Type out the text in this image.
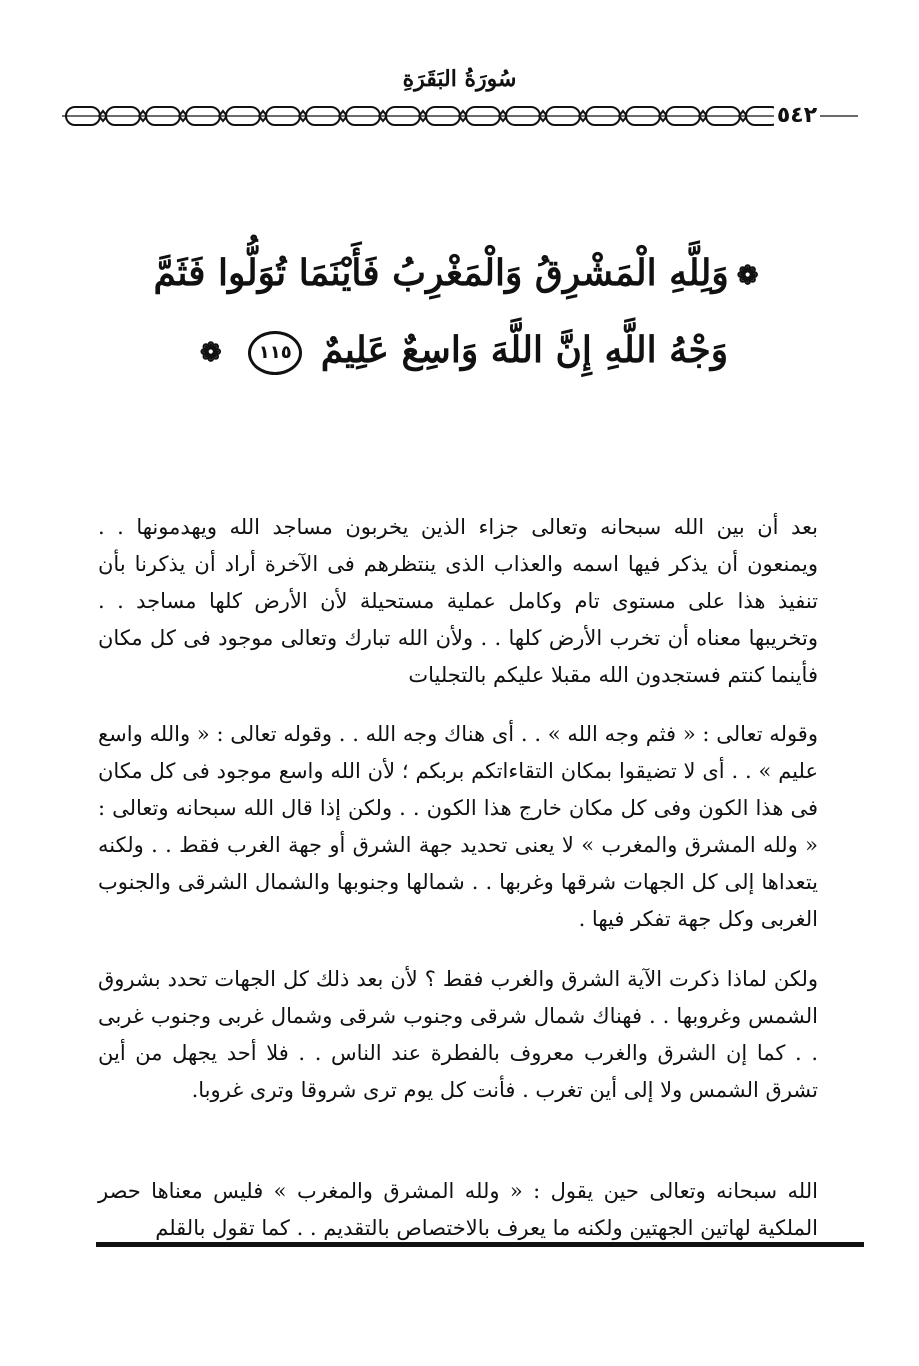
سُورَةُ البَقَرَةِ
٥٤٢
❁وَلِلَّهِ الْمَشْرِقُ وَالْمَغْرِبُ فَأَيْنَمَا تُوَلُّوا فَثَمَّ
وَجْهُ اللَّهِ إِنَّ اللَّهَ وَاسِعٌ عَلِيمٌ ١١٥ ❁

بعد أن بين الله سبحانه وتعالى جزاء الذين يخربون مساجد الله ويهدمونها . . ويمنعون أن يذكر فيها اسمه والعذاب الذى ينتظرهم فى الآخرة أراد أن يذكرنا بأن تنفيذ هذا على مستوى تام وكامل عملية مستحيلة لأن الأرض كلها مساجد . . وتخريبها معناه أن تخرب الأرض كلها . . ولأن الله تبارك وتعالى موجود فى كل مكان فأينما كنتم فستجدون الله مقبلا عليكم بالتجليات

وقوله تعالى : « فثم وجه الله » . . أى هناك وجه الله . . وقوله تعالى : « والله واسع عليم » . . أى لا تضيقوا بمكان التقاءاتكم بربكم ؛ لأن الله واسع موجود فى كل مكان فى هذا الكون وفى كل مكان خارج هذا الكون . . ولكن إذا قال الله سبحانه وتعالى : « ولله المشرق والمغرب » لا يعنى تحديد جهة الشرق أو جهة الغرب فقط . . ولكنه يتعداها إلى كل الجهات شرقها وغربها . . شمالها وجنوبها والشمال الشرقى والجنوب الغربى وكل جهة تفكر فيها .

ولكن لماذا ذكرت الآية الشرق والغرب فقط ؟ لأن بعد ذلك كل الجهات تحدد بشروق الشمس وغروبها . . فهناك شمال شرقى وجنوب شرقى وشمال غربى وجنوب غربى . . كما إن الشرق والغرب معروف بالفطرة عند الناس . . فلا أحد يجهل من أين تشرق الشمس ولا إلى أين تغرب . فأنت كل يوم ترى شروقا وترى غروبا.

الله سبحانه وتعالى حين يقول : « ولله المشرق والمغرب » فليس معناها حصر الملكية لهاتين الجهتين ولكنه ما يعرف بالاختصاص بالتقديم . . كما تقول بالقلم
